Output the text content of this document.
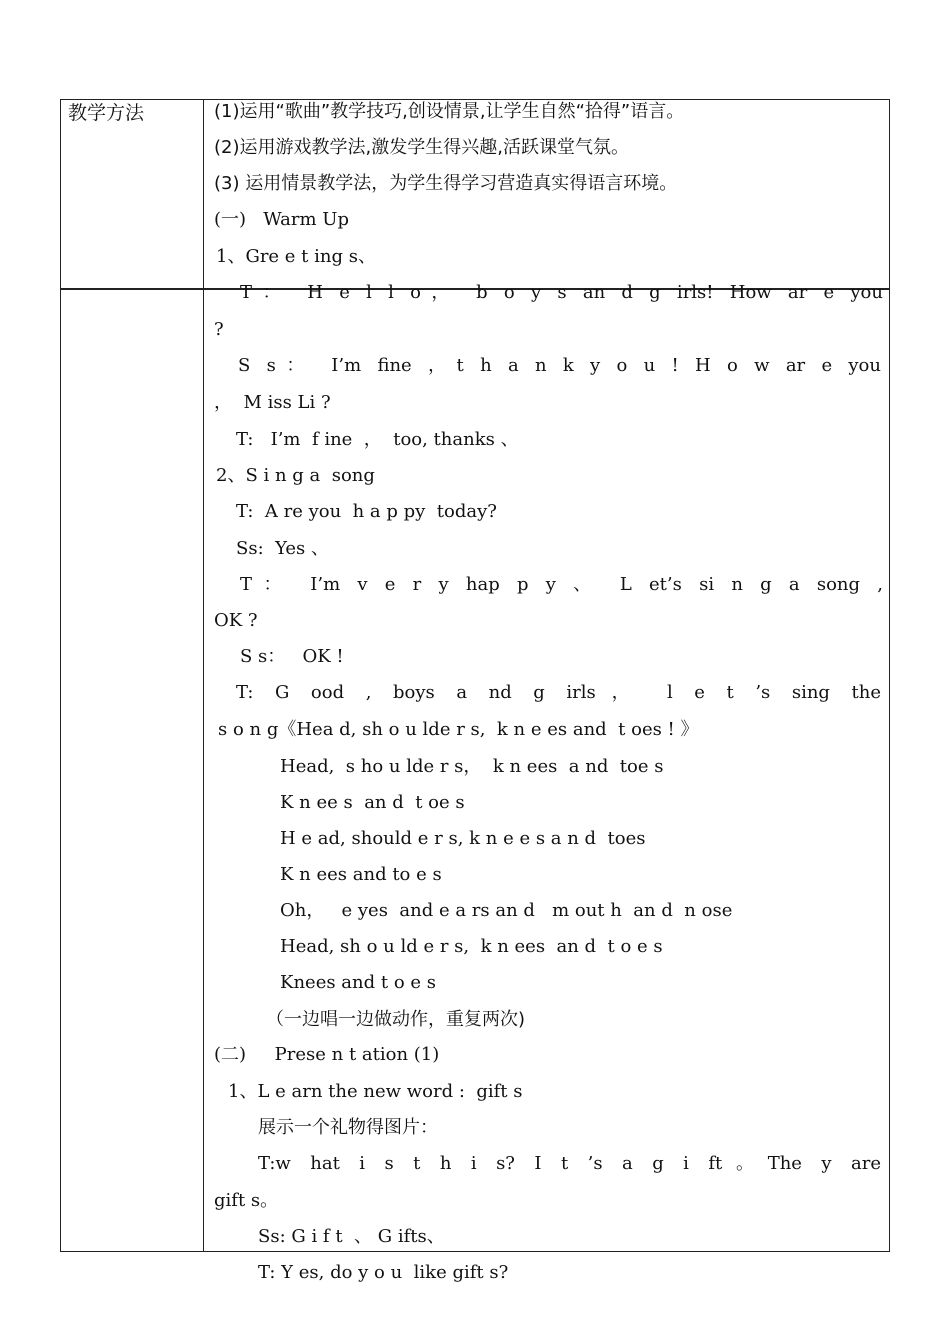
教学方法	(1)运用“歌曲”教学技巧,创设情景,让学生自然“拾得”语言。
(2)运用游戏教学法,激发学生得兴趣,活跃课堂气氛。
(3) 运用情景教学法，为学生得学习营造真实得语言环境。
(一)   Warm Up
1、Gre e t ing s、
T： H e l l o， b o y s an d g irls! How ar e you
?
S s： I’m fine ，t h a n k y o u ! H o w ar e you
，  M iss Li ?
T:   I’m  f ine  ，  too, thanks 、
2、S i n g a  song
T:  A re you  h a p py  today?
Ss:  Yes 、
T： I’m v e r y hap p y 、 L et’s si n g a song ,
OK ?
S s：   OK !
T: G ood , boys a nd g irls， l e t ’s sing the
s o n g《Hea d, sh o u lde r s,  k n e es and  t oes ! 》
Head,  s ho u lde r s，  k n ees  a nd  toe s
K n ee s  an d  t oe s
H e ad, should e r s, k n e e s a n d  toes
K n ees and to e s
Oh，   e yes  and e a rs an d   m out h  an d  n ose
Head, sh o u ld e r s,  k n ees  an d  t o e s
Knees and t o e s
（一边唱一边做动作，重复两次)
(二)     Prese n t ation (1)
1、L e arn the new word :  gift s
展示一个礼物得图片：
T:w hat i s t h i s? I t ’s a g i ft。The y are
gift s。
Ss: G i f t  、 G ifts、
T: Y es, do y o u  like gift s?
